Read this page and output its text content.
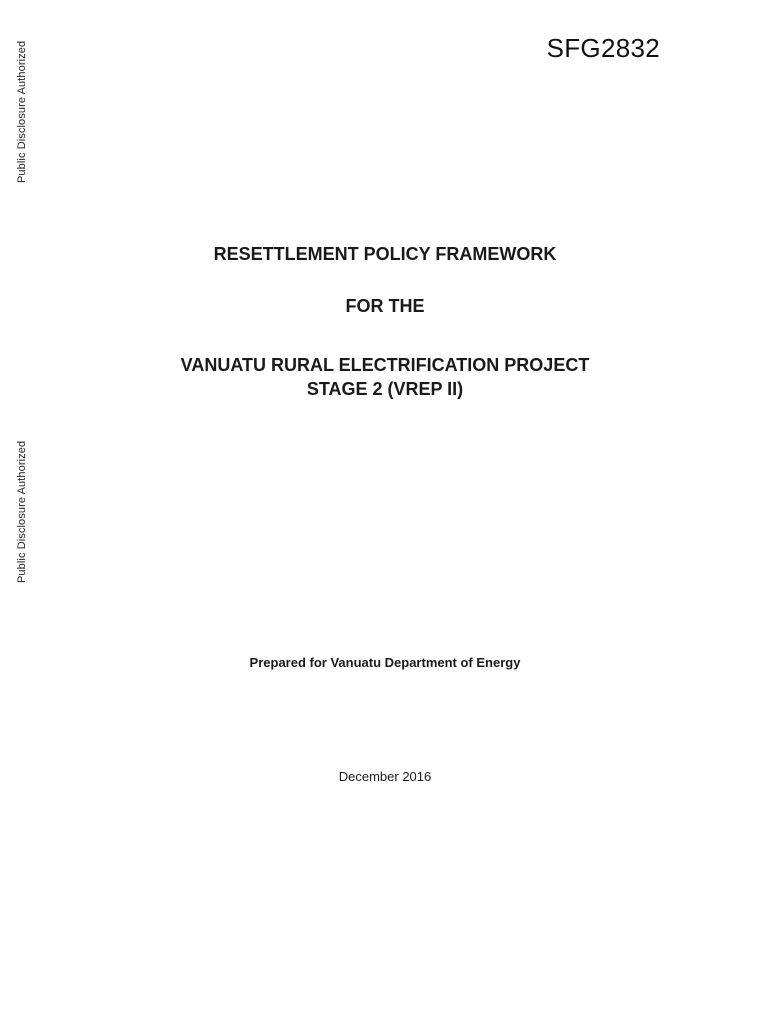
Public Disclosure Authorized
Public Disclosure Authorized
SFG2832
RESETTLEMENT POLICY FRAMEWORK
FOR THE
VANUATU RURAL ELECTRIFICATION PROJECT
STAGE 2 (VREP II)
Prepared for Vanuatu Department of Energy
December 2016
